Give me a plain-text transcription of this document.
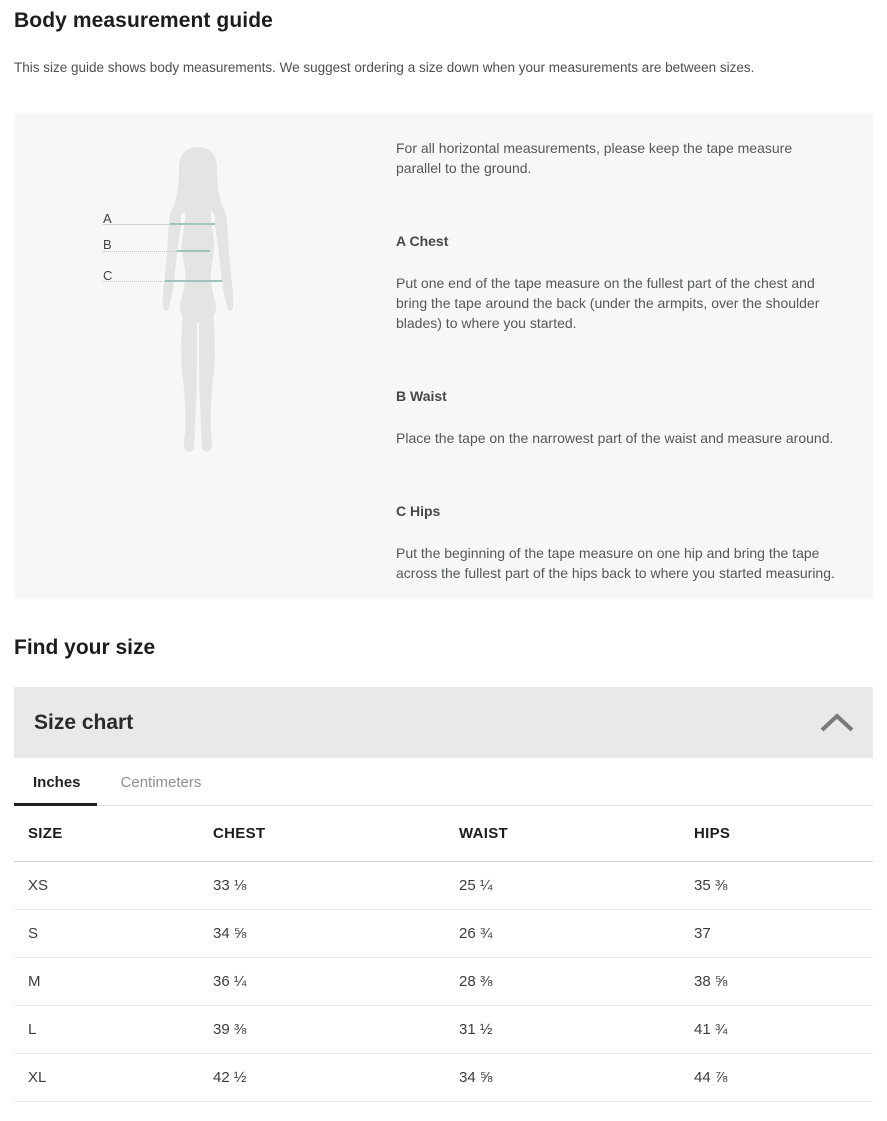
Body measurement guide

This size guide shows body measurements. We suggest ordering a size down when your measurements are between sizes.

A
B
C

For all horizontal measurements, please keep the tape measure parallel to the ground.

A Chest

Put one end of the tape measure on the fullest part of the chest and bring the tape around the back (under the armpits, over the shoulder blades) to where you started.

B Waist

Place the tape on the narrowest part of the waist and measure around.

C Hips

Put the beginning of the tape measure on one hip and bring the tape across the fullest part of the hips back to where you started measuring.

Find your size
Size chart
Inches	Centimeters
SIZE	CHEST	WAIST	HIPS
XS	33 ⅛	25 ¼	35 ⅜
S	34 ⅝	26 ¾	37
M	36 ¼	28 ⅜	38 ⅝
L	39 ⅜	31 ½	41 ¾
XL	42 ½	34 ⅝	44 ⅞
